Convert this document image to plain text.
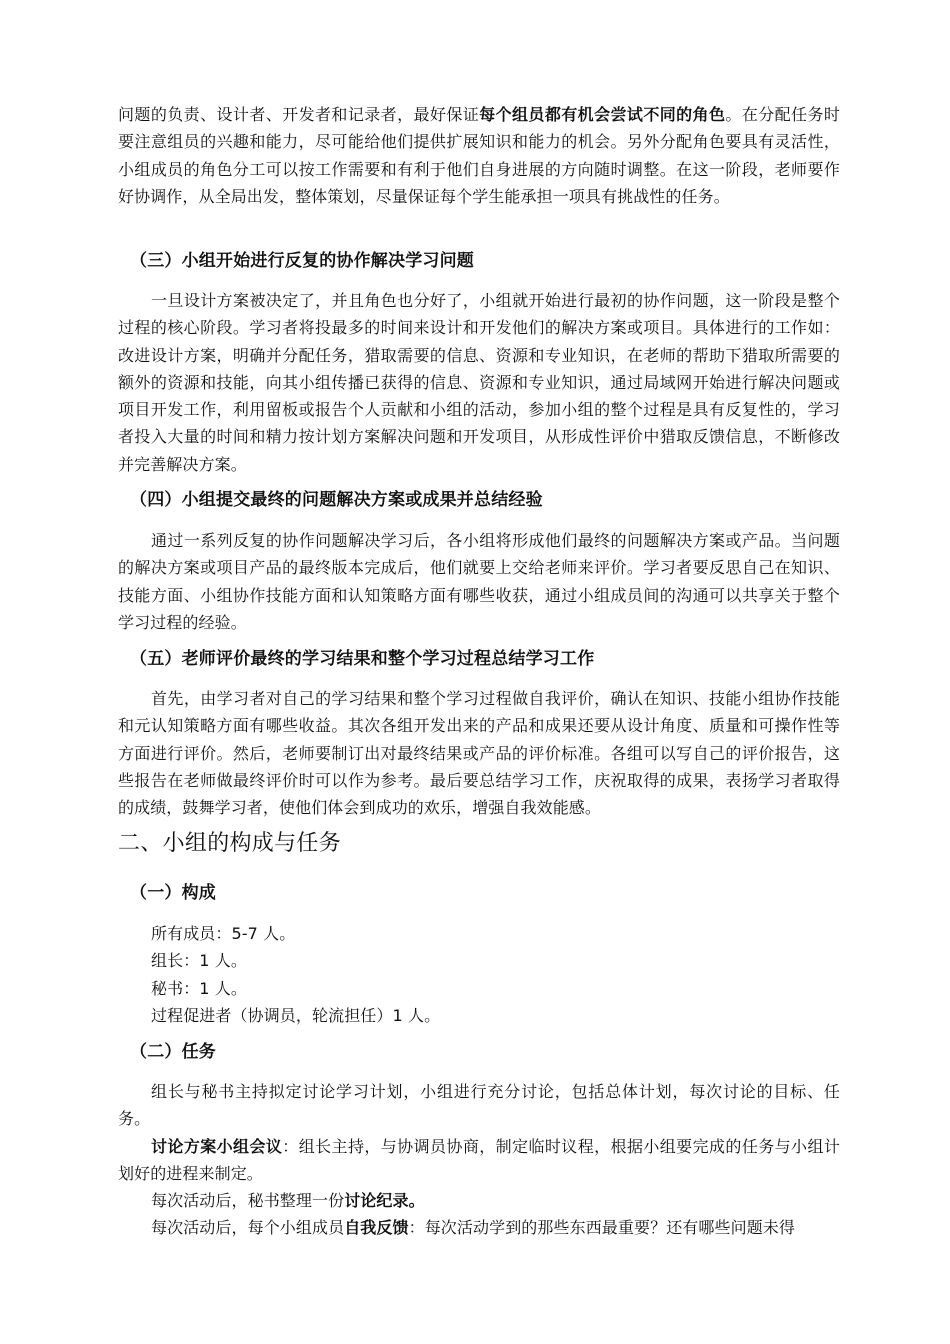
问题的负责、设计者、开发者和记录者，最好保证每个组员都有机会尝试不同的角色。在分配任务时要注意组员的兴趣和能力，尽可能给他们提供扩展知识和能力的机会。另外分配角色要具有灵活性，小组成员的角色分工可以按工作需要和有利于他们自身进展的方向随时调整。在这一阶段，老师要作好协调作，从全局出发，整体策划，尽量保证每个学生能承担一项具有挑战性的任务。

（三）小组开始进行反复的协作解决学习问题

一旦设计方案被决定了，并且角色也分好了，小组就开始进行最初的协作问题，这一阶段是整个过程的核心阶段。学习者将投最多的时间来设计和开发他们的解决方案或项目。具体进行的工作如：改进设计方案，明确并分配任务，猎取需要的信息、资源和专业知识，在老师的帮助下猎取所需要的额外的资源和技能，向其小组传播已获得的信息、资源和专业知识，通过局域网开始进行解决问题或项目开发工作，利用留板或报告个人贡献和小组的活动，参加小组的整个过程是具有反复性的，学习者投入大量的时间和精力按计划方案解决问题和开发项目，从形成性评价中猎取反馈信息，不断修改并完善解决方案。

（四）小组提交最终的问题解决方案或成果并总结经验

通过一系列反复的协作问题解决学习后，各小组将形成他们最终的问题解决方案或产品。当问题的解决方案或项目产品的最终版本完成后，他们就要上交给老师来评价。学习者要反思自己在知识、技能方面、小组协作技能方面和认知策略方面有哪些收获，通过小组成员间的沟通可以共享关于整个学习过程的经验。

（五）老师评价最终的学习结果和整个学习过程总结学习工作

首先，由学习者对自己的学习结果和整个学习过程做自我评价，确认在知识、技能小组协作技能和元认知策略方面有哪些收益。其次各组开发出来的产品和成果还要从设计角度、质量和可操作性等方面进行评价。然后，老师要制订出对最终结果或产品的评价标准。各组可以写自己的评价报告，这些报告在老师做最终评价时可以作为参考。最后要总结学习工作，庆祝取得的成果，表扬学习者取得的成绩，鼓舞学习者，使他们体会到成功的欢乐，增强自我效能感。

二、小组的构成与任务
（一）构成

所有成员：5-7 人。

组长：1 人。

秘书：1 人。

过程促进者（协调员，轮流担任）1 人。

（二）任务

组长与秘书主持拟定讨论学习计划，小组进行充分讨论，包括总体计划，每次讨论的目标、任务。

讨论方案小组会议：组长主持，与协调员协商，制定临时议程，根据小组要完成的任务与小组计划好的进程来制定。

每次活动后，秘书整理一份讨论纪录。

每次活动后，每个小组成员自我反馈：每次活动学到的那些东西最重要？还有哪些问题未得
